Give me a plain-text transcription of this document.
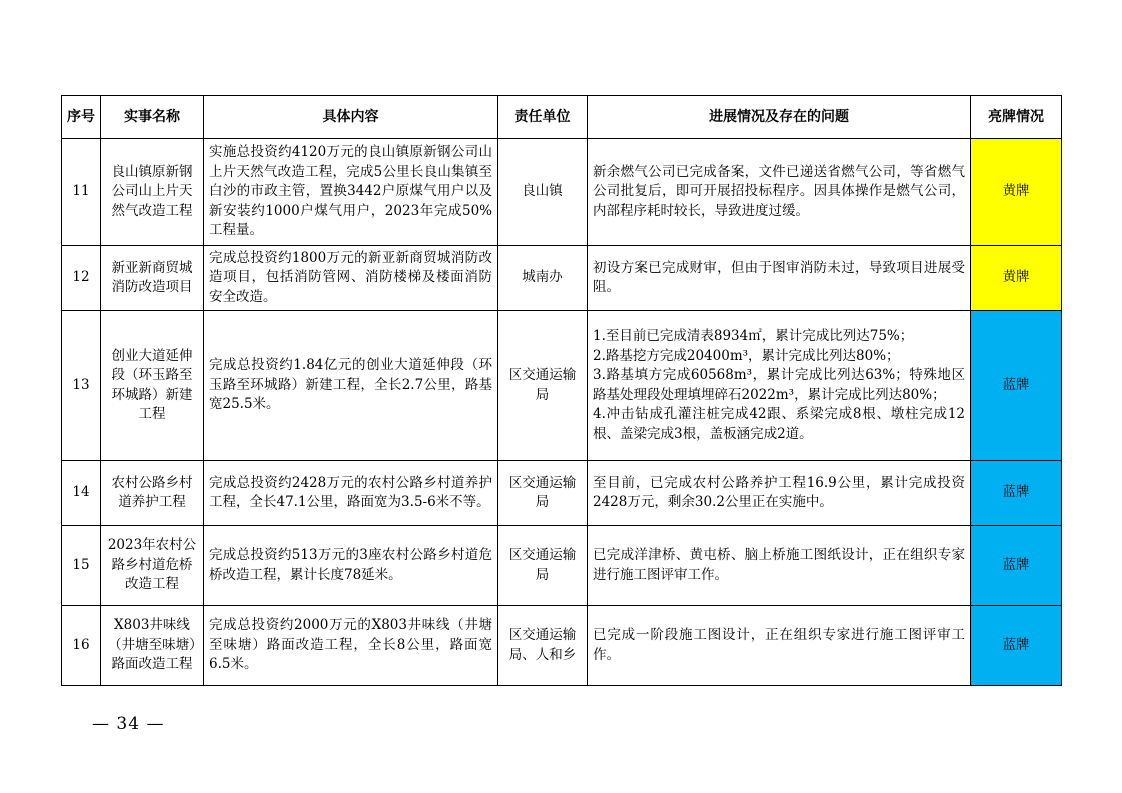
序号	实事名称	具体内容	责任单位	进展情况及存在的问题	亮牌情况
11	良山镇原新钢公司山上片天然气改造工程	实施总投资约4120万元的良山镇原新钢公司山上片天然气改造工程，完成5公里长良山集镇至白沙的市政主管，置换3442户原煤气用户以及新安装约1000户煤气用户，2023年完成50%工程量。	良山镇	新余燃气公司已完成备案，文件已递送省燃气公司，等省燃气公司批复后，即可开展招投标程序。因具体操作是燃气公司，内部程序耗时较长，导致进度过缓。	黄牌
12	新亚新商贸城消防改造项目	完成总投资约1800万元的新亚新商贸城消防改造项目，包括消防管网、消防楼梯及楼面消防安全改造。	城南办	初设方案已完成财审，但由于图审消防未过，导致项目进展受阻。	黄牌
13	创业大道延伸段（环玉路至环城路）新建工程	完成总投资约1.84亿元的创业大道延伸段（环玉路至环城路）新建工程，全长2.7公里，路基宽25.5米。	区交通运输局	1.至目前已完成清表8934㎡，累计完成比列达75%；
2.路基挖方完成20400m³，累计完成比列达80%；
3.路基填方完成60568m³，累计完成比列达63%；特殊地区路基处理段处理填埋碎石2022m³，累计完成比列达80%；
4.冲击钻成孔灌注桩完成42跟、系梁完成8根、墩柱完成12根、盖梁完成3根，盖板涵完成2道。	蓝牌
14	农村公路乡村道养护工程	完成总投资约2428万元的农村公路乡村道养护工程，全长47.1公里，路面宽为3.5-6米不等。	区交通运输局	至目前，已完成农村公路养护工程16.9公里，累计完成投资2428万元，剩余30.2公里正在实施中。	蓝牌
15	2023年农村公路乡村道危桥改造工程	完成总投资约513万元的3座农村公路乡村道危桥改造工程，累计长度78延米。	区交通运输局	已完成洋津桥、黄屯桥、脑上桥施工图纸设计，正在组织专家进行施工图评审工作。	蓝牌
16	X803井味线（井塘至味塘）路面改造工程	完成总投资约2000万元的X803井味线（井塘至味塘）路面改造工程，全长8公里，路面宽6.5米。	区交通运输局、人和乡	已完成一阶段施工图设计，正在组织专家进行施工图评审工作。	蓝牌
— 34 —
